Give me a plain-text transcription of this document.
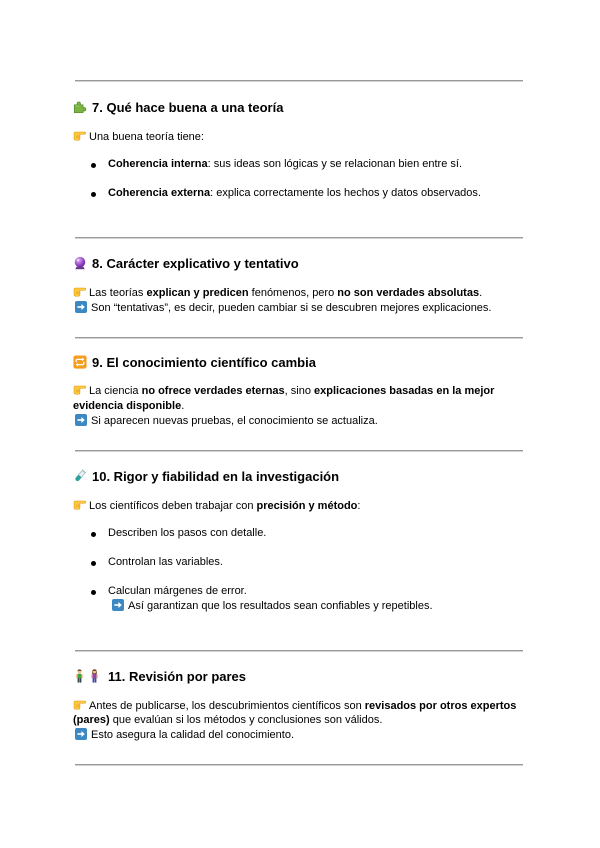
7. Qué hace buena a una teoría
Una buena teoría tiene:
Coherencia interna: sus ideas son lógicas y se relacionan bien entre sí.
Coherencia externa: explica correctamente los hechos y datos observados.
8. Carácter explicativo y tentativo
Las teorías explican y predicen fenómenos, pero no son verdades absolutas.
Son “tentativas”, es decir, pueden cambiar si se descubren mejores explicaciones.
9. El conocimiento científico cambia
La ciencia no ofrece verdades eternas, sino explicaciones basadas en la mejor
evidencia disponible.
Si aparecen nuevas pruebas, el conocimiento se actualiza.
10. Rigor y fiabilidad en la investigación
Los científicos deben trabajar con precisión y método:
Describen los pasos con detalle.
Controlan las variables.
Calculan márgenes de error.
Así garantizan que los resultados sean confiables y repetibles.
11. Revisión por pares
Antes de publicarse, los descubrimientos científicos son revisados por otros expertos
(pares) que evalúan si los métodos y conclusiones son válidos.
Esto asegura la calidad del conocimiento.
